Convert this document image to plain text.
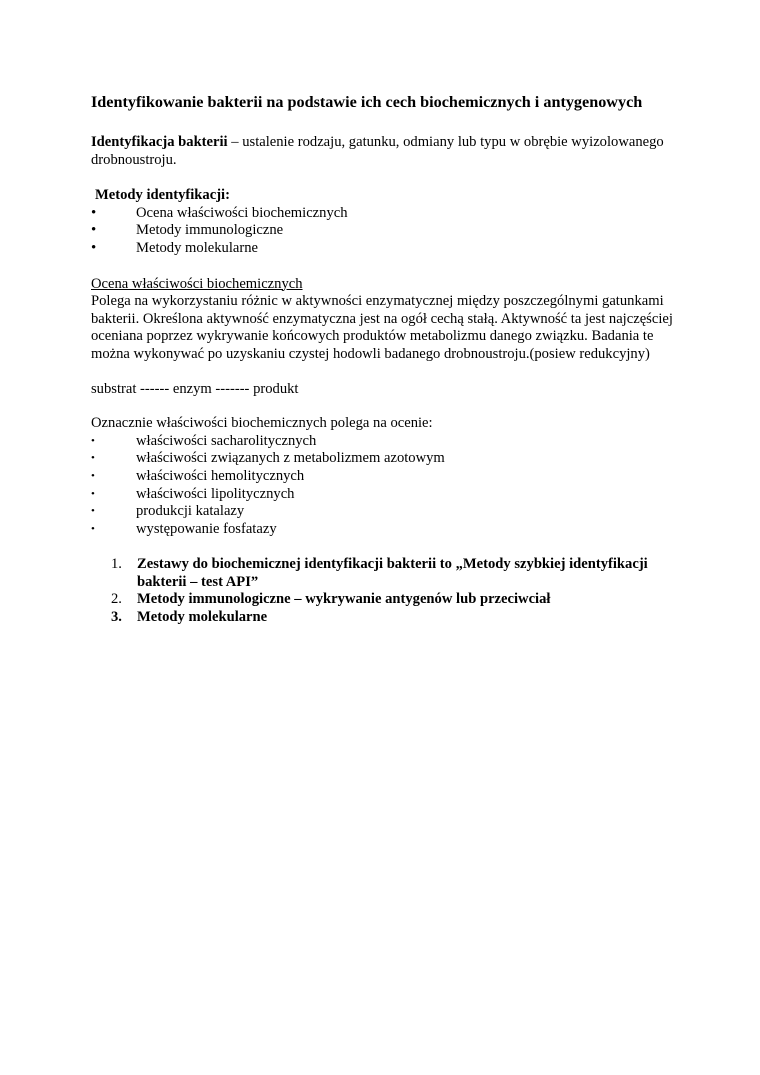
Identyfikowanie bakterii na podstawie ich cech biochemicznych i antygenowych

Identyfikacja bakterii – ustalenie rodzaju, gatunku, odmiany lub typu w obrębie wyizolowanego drobnoustroju.

Metody identyfikacji:

•	Ocena właściwości biochemicznych
•	Metody immunologiczne
•	Metody molekularne

Ocena właściwości biochemicznych

Polega na wykorzystaniu różnic w aktywności enzymatycznej między poszczególnymi gatunkami bakterii. Określona aktywność enzymatyczna jest na ogół cechą stałą. Aktywność ta jest najczęściej oceniana poprzez wykrywanie końcowych produktów metabolizmu danego związku. Badania te można wykonywać po uzyskaniu czystej hodowli badanego drobnoustroju.(posiew redukcyjny)

substrat ------ enzym ------- produkt

Oznacznie właściwości biochemicznych polega na ocenie:

•	właściwości sacharolitycznych
•	właściwości związanych z metabolizmem azotowym
•	właściwości hemolitycznych
•	właściwości lipolitycznych
•	produkcji katalazy
•	występowanie fosfatazy
1.	Zestawy do biochemicznej identyfikacji bakterii to „Metody szybkiej identyfikacji bakterii – test API”
2.	Metody immunologiczne – wykrywanie antygenów lub przeciwciał
3.	Metody molekularne
